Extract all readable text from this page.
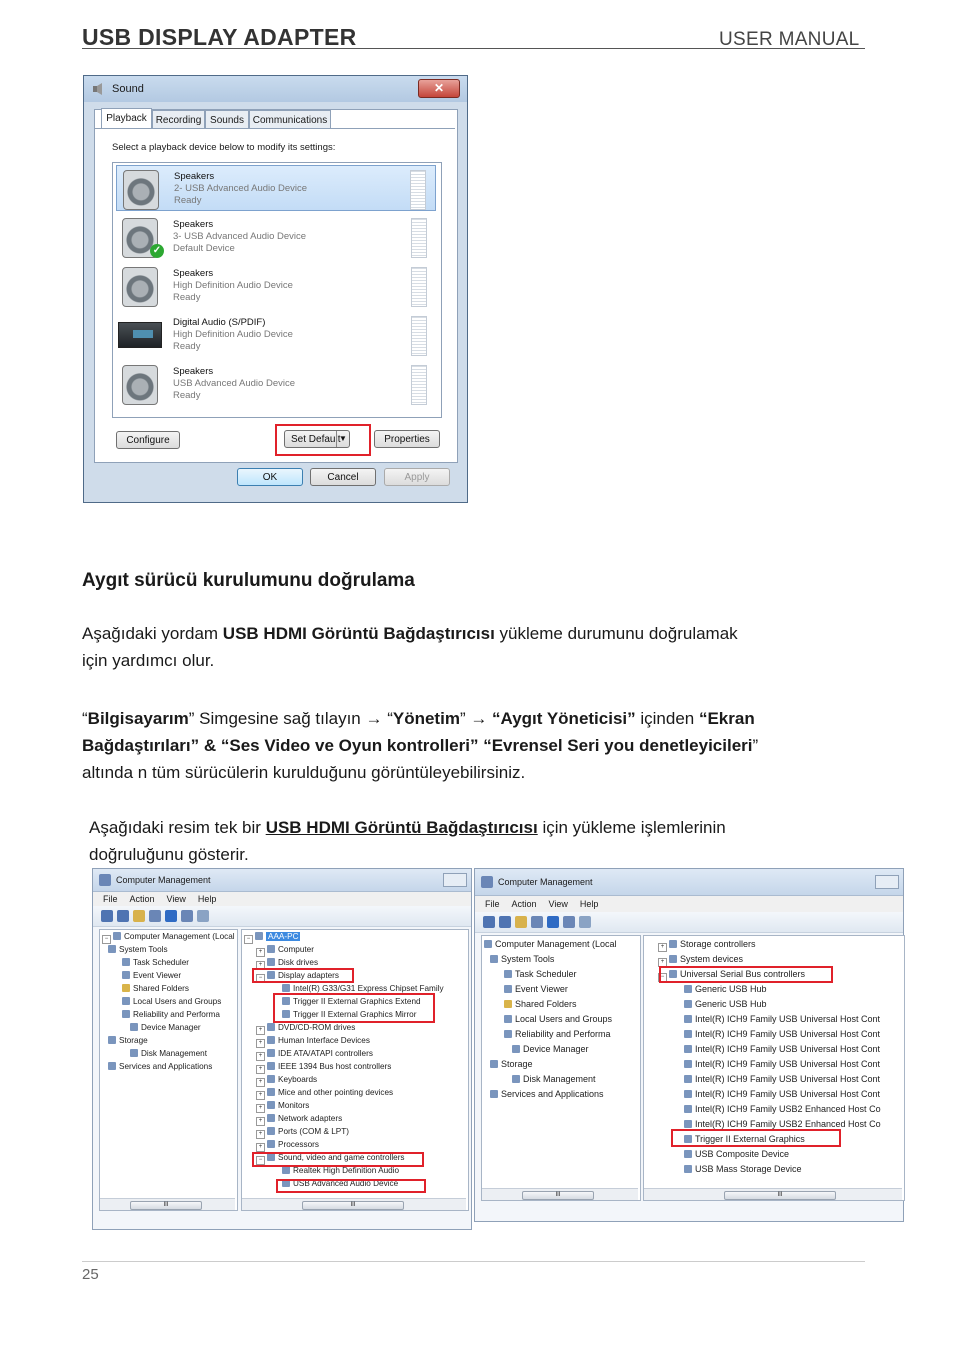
USB DISPLAY ADAPTER	USER MANUAL
Sound	✕
Playback Recording Sounds Communications
Select a playback device below to modify its settings:
Speakers
2- USB Advanced Audio Device
Ready
✓
Speakers
3- USB Advanced Audio Device
Default Device
Speakers
High Definition Audio Device
Ready
Digital Audio (S/PDIF)
High Definition Audio Device
Ready
Speakers
USB Advanced Audio Device
Ready
Configure	Set Default
▼	Properties
OK	Cancel	Apply
Aygıt sürücü kurulumunu doğrulama
Aşağıdaki yordam USB HDMI Görüntü Bağdaştırıcısı yükleme durumunu doğrulamak
için yardımcı olur.
“Bilgisayarım” Simgesine sağ tılayın → “Yönetim” → “Aygıt Yöneticisi” içinden “Ekran
Bağdaştırıları” & “Ses Video ve Oyun kontrolleri” “Evrensel Seri you denetleyicileri”
altında n tüm sürücülerin kurulduğunu görüntüleyebilirsiniz.
Aşağıdaki resim tek bir USB HDMI Görüntü Bağdaştırıcısı için yükleme işlemlerinin
doğruluğunu gösterir.
Computer Management
File Action View Help
− Computer Management (Local
System Tools
Task Scheduler
Event Viewer
Shared Folders
Local Users and Groups
Reliability and Performa
Device Manager
Storage
Disk Management
Services and Applications
III
− AAA-PC
+ Computer
+ Disk drives
− Display adapters
Intel(R) G33/G31 Express Chipset Family
Trigger II External Graphics Extend
Trigger II External Graphics Mirror
+ DVD/CD-ROM drives
+ Human Interface Devices
+ IDE ATA/ATAPI controllers
+ IEEE 1394 Bus host controllers
+ Keyboards
+ Mice and other pointing devices
+ Monitors
+ Network adapters
+ Ports (COM & LPT)
+ Processors
− Sound, video and game controllers
Realtek High Definition Audio
USB Advanced Audio Device
III
Computer Management
File Action View Help
Computer Management (Local
System Tools
Task Scheduler
Event Viewer
Shared Folders
Local Users and Groups
Reliability and Performa
Device Manager
Storage
Disk Management
Services and Applications
III
+ Storage controllers
+ System devices
− Universal Serial Bus controllers
Generic USB Hub
Generic USB Hub
Intel(R) ICH9 Family USB Universal Host Cont
Intel(R) ICH9 Family USB Universal Host Cont
Intel(R) ICH9 Family USB Universal Host Cont
Intel(R) ICH9 Family USB Universal Host Cont
Intel(R) ICH9 Family USB Universal Host Cont
Intel(R) ICH9 Family USB Universal Host Cont
Intel(R) ICH9 Family USB2 Enhanced Host Co
Intel(R) ICH9 Family USB2 Enhanced Host Co
Trigger II External Graphics
USB Composite Device
USB Mass Storage Device
III
25
